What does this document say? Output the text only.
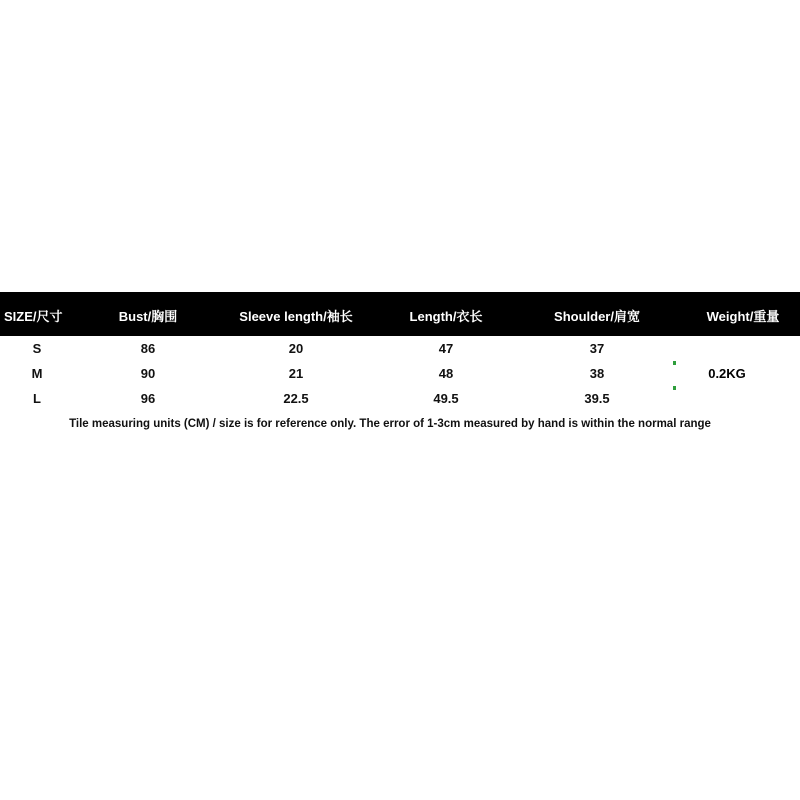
SIZE/尺寸	Bust/胸围	Sleeve length/袖长	Length/衣长	Shoulder/肩宽	Weight/重量
S	86	20	47	37
M	90	21	48	38
L	96	22.5	49.5	39.5
0.2KG
Tile measuring units (CM) / size is for reference only. The error of 1-3cm measured by hand is within the normal range
